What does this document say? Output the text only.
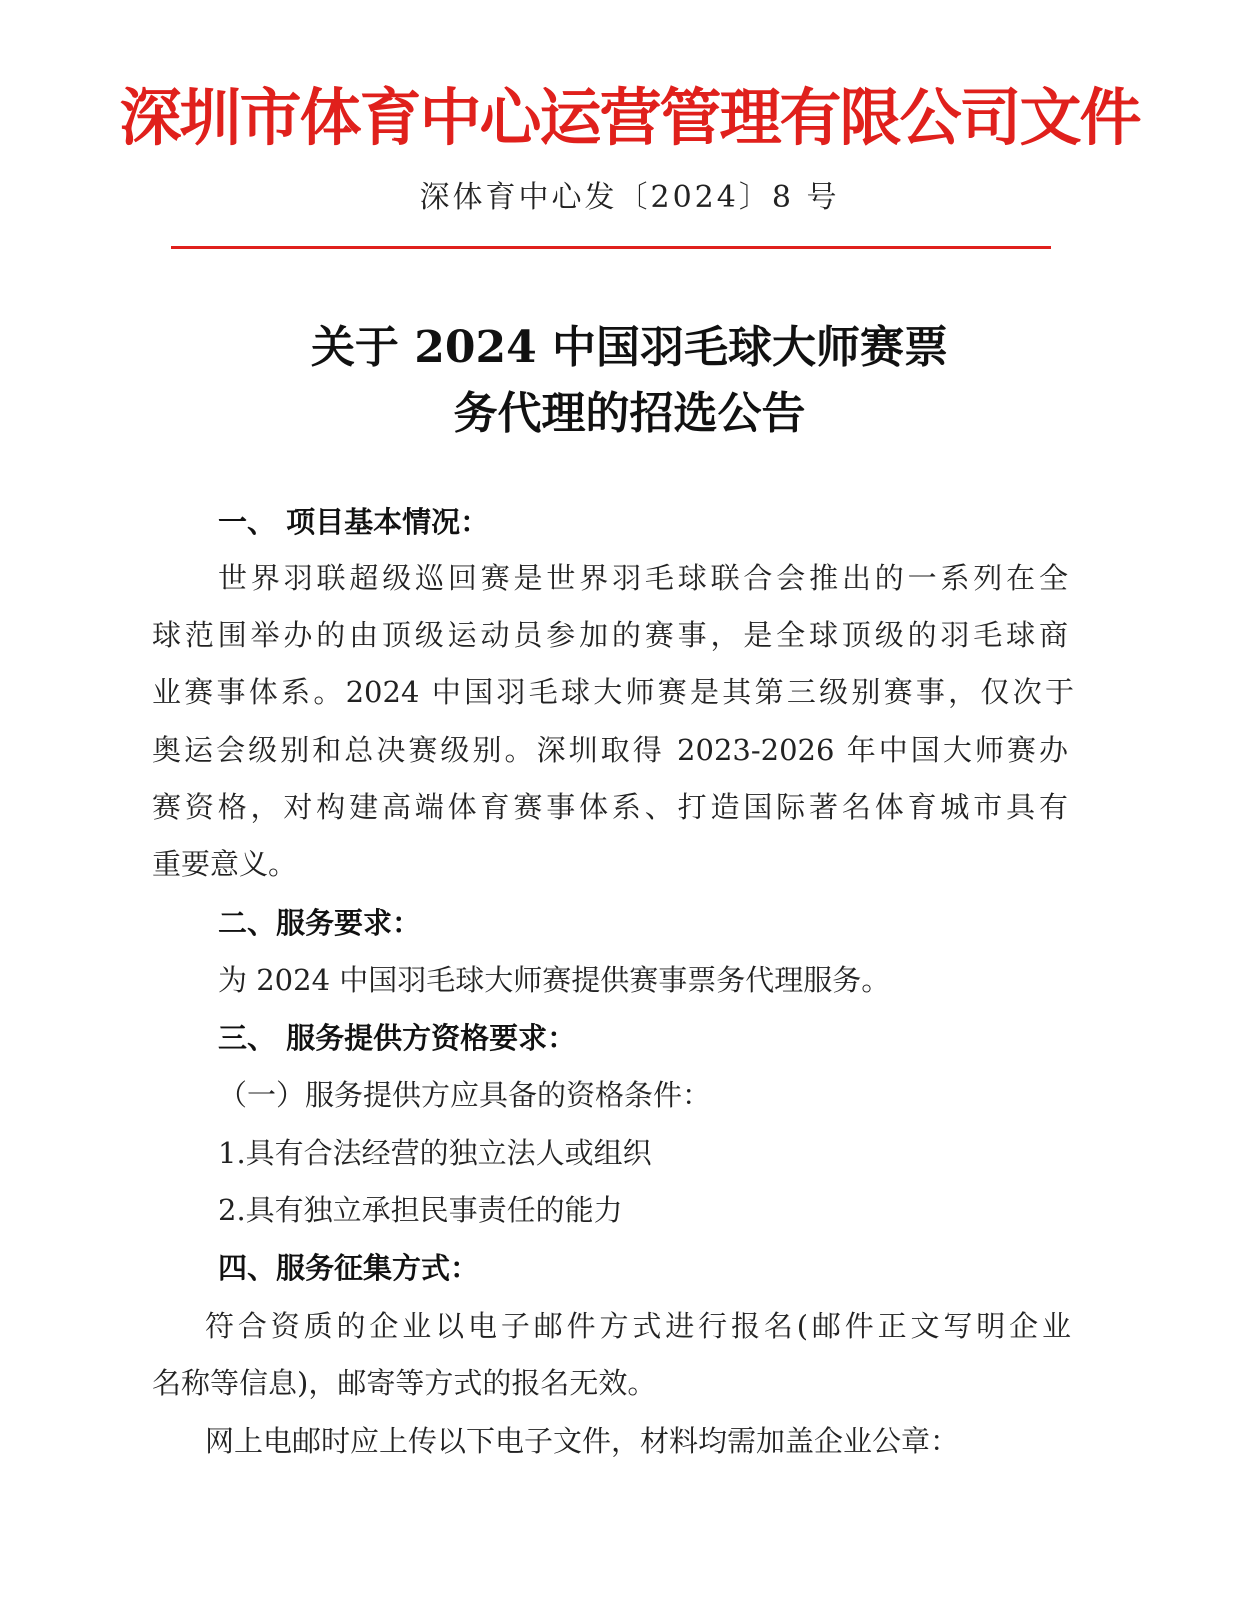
深圳市体育中心运营管理有限公司文件
深体育中心发〔2024〕8 号
关于 2024 中国羽毛球大师赛票
务代理的招选公告
一、 项目基本情况：
世界羽联超级巡回赛是世界羽毛球联合会推出的一系列在全
球范围举办的由顶级运动员参加的赛事，是全球顶级的羽毛球商
业赛事体系。2024 中国羽毛球大师赛是其第三级别赛事，仅次于
奥运会级别和总决赛级别。深圳取得 2023-2026 年中国大师赛办
赛资格，对构建高端体育赛事体系、打造国际著名体育城市具有
重要意义。
二、服务要求：
为 2024 中国羽毛球大师赛提供赛事票务代理服务。
三、 服务提供方资格要求：
（一）服务提供方应具备的资格条件：
1.具有合法经营的独立法人或组织
2.具有独立承担民事责任的能力
四、服务征集方式：
符合资质的企业以电子邮件方式进行报名(邮件正文写明企业
名称等信息)，邮寄等方式的报名无效。
网上电邮时应上传以下电子文件，材料均需加盖企业公章：
